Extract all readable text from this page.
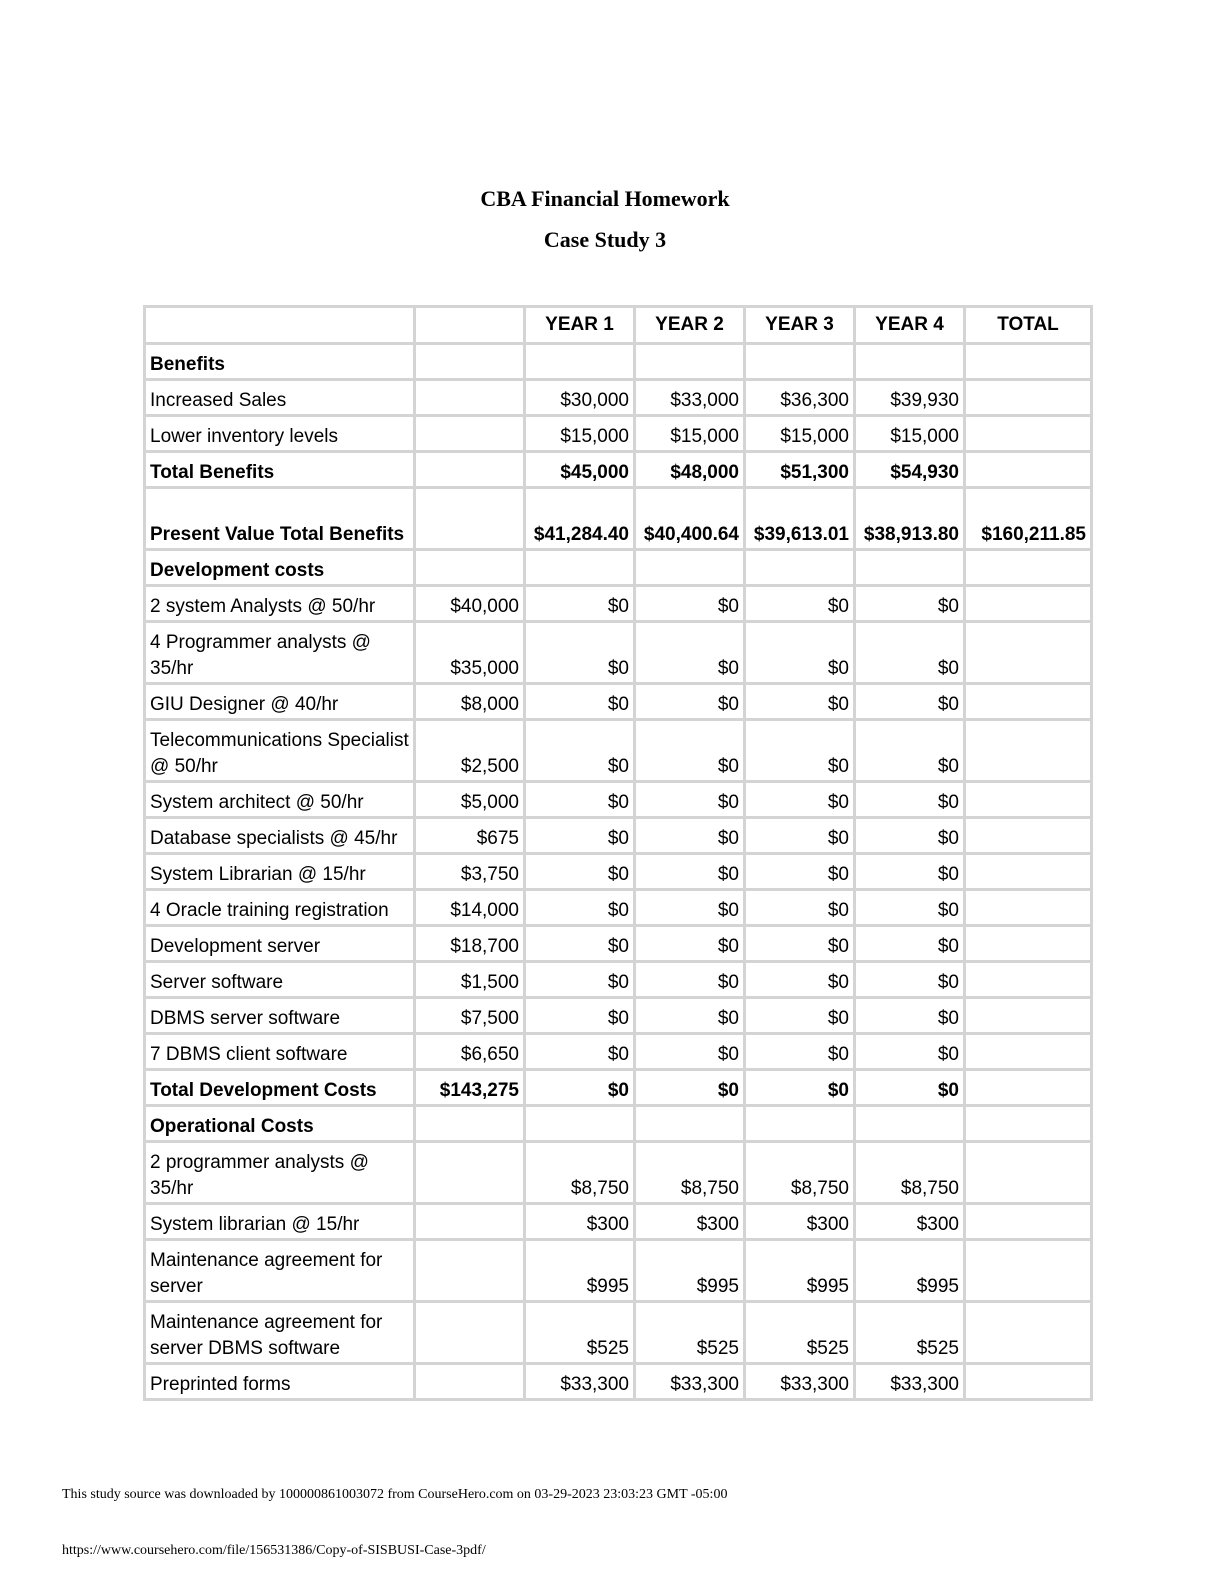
CBA Financial Homework
Case Study 3
		YEAR 1	YEAR 2	YEAR 3	YEAR 4	TOTAL
Benefits						
Increased Sales		$30,000	$33,000	$36,300	$39,930	
Lower inventory levels		$15,000	$15,000	$15,000	$15,000	
Total Benefits		$45,000	$48,000	$51,300	$54,930	
Present Value Total Benefits		$41,284.40	$40,400.64	$39,613.01	$38,913.80	$160,211.85
Development costs						
2 system Analysts @ 50/hr	$40,000	$0	$0	$0	$0	
4 Programmer analysts @ 35/hr	$35,000	$0	$0	$0	$0	
GIU Designer @ 40/hr	$8,000	$0	$0	$0	$0	
Telecommunications Specialist @ 50/hr	$2,500	$0	$0	$0	$0	
System architect @ 50/hr	$5,000	$0	$0	$0	$0	
Database specialists @ 45/hr	$675	$0	$0	$0	$0	
System Librarian @ 15/hr	$3,750	$0	$0	$0	$0	
4 Oracle training registration	$14,000	$0	$0	$0	$0	
Development server	$18,700	$0	$0	$0	$0	
Server software	$1,500	$0	$0	$0	$0	
DBMS server software	$7,500	$0	$0	$0	$0	
7 DBMS client software	$6,650	$0	$0	$0	$0	
Total Development Costs	$143,275	$0	$0	$0	$0	
Operational Costs						
2 programmer analysts @ 35/hr		$8,750	$8,750	$8,750	$8,750	
System librarian @ 15/hr		$300	$300	$300	$300	
Maintenance agreement for server		$995	$995	$995	$995	
Maintenance agreement for server DBMS software		$525	$525	$525	$525	
Preprinted forms		$33,300	$33,300	$33,300	$33,300	
This study source was downloaded by 100000861003072 from CourseHero.com on 03-29-2023 23:03:23 GMT -05:00
https://www.coursehero.com/file/156531386/Copy-of-SISBUSI-Case-3pdf/
